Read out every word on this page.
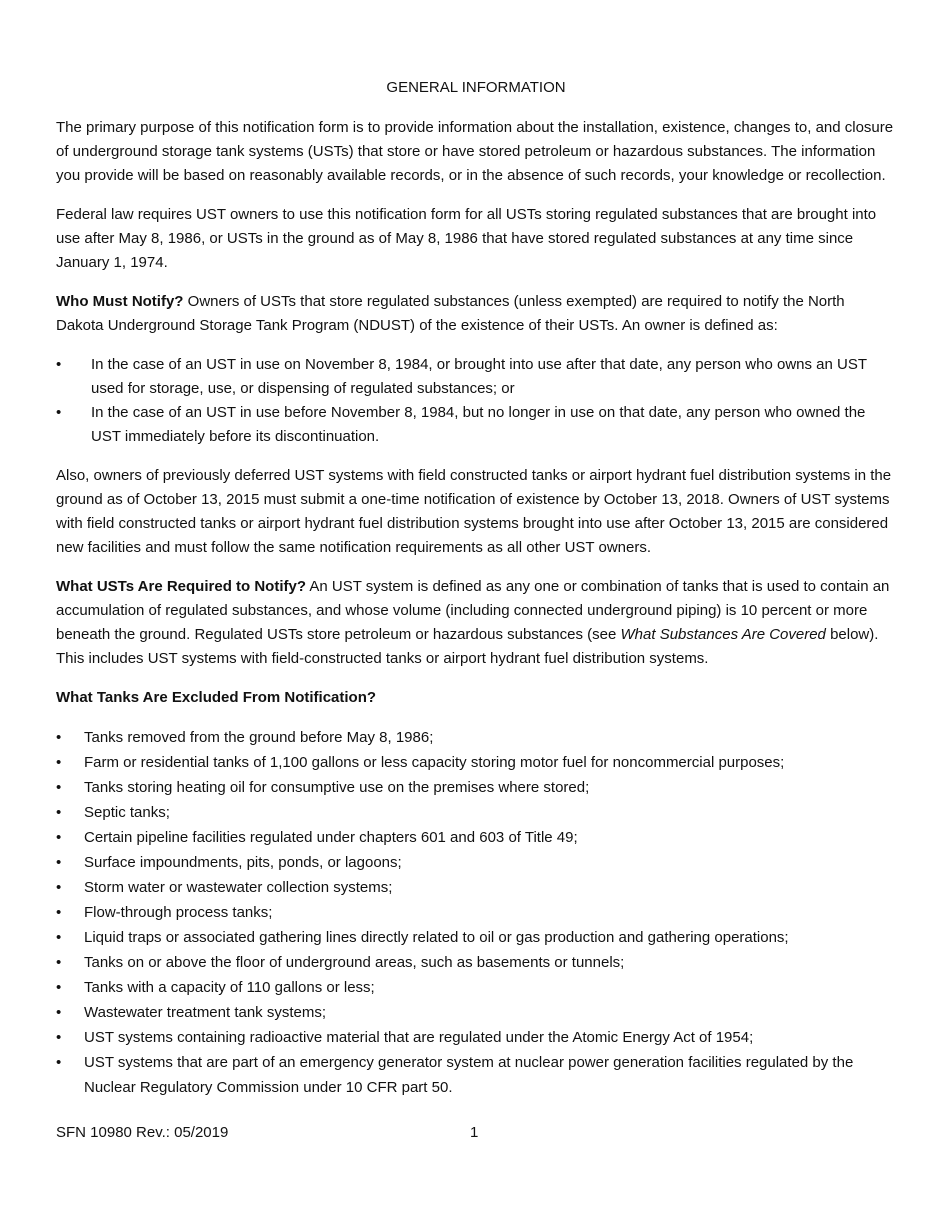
GENERAL INFORMATION

The primary purpose of this notification form is to provide information about the installation, existence, changes to, and closure of underground storage tank systems (USTs) that store or have stored petroleum or hazardous substances. The information you provide will be based on reasonably available records, or in the absence of such records, your knowledge or recollection.

Federal law requires UST owners to use this notification form for all USTs storing regulated substances that are brought into use after May 8, 1986, or USTs in the ground as of May 8, 1986 that have stored regulated substances at any time since January 1, 1974.

Who Must Notify? Owners of USTs that store regulated substances (unless exempted) are required to notify the North Dakota Underground Storage Tank Program (NDUST) of the existence of their USTs. An owner is defined as:

• In the case of an UST in use on November 8, 1984, or brought into use after that date, any person who owns an UST used for storage, use, or dispensing of regulated substances; or
• In the case of an UST in use before November 8, 1984, but no longer in use on that date, any person who owned the UST immediately before its discontinuation.

Also, owners of previously deferred UST systems with field constructed tanks or airport hydrant fuel distribution systems in the ground as of October 13, 2015 must submit a one-time notification of existence by October 13, 2018. Owners of UST systems with field constructed tanks or airport hydrant fuel distribution systems brought into use after October 13, 2015 are considered new facilities and must follow the same notification requirements as all other UST owners.

What USTs Are Required to Notify? An UST system is defined as any one or combination of tanks that is used to contain an accumulation of regulated substances, and whose volume (including connected underground piping) is 10 percent or more beneath the ground. Regulated USTs store petroleum or hazardous substances (see What Substances Are Covered below). This includes UST systems with field-constructed tanks or airport hydrant fuel distribution systems.

What Tanks Are Excluded From Notification?
• Tanks removed from the ground before May 8, 1986;
• Farm or residential tanks of 1,100 gallons or less capacity storing motor fuel for noncommercial purposes;
• Tanks storing heating oil for consumptive use on the premises where stored;
• Septic tanks;
• Certain pipeline facilities regulated under chapters 601 and 603 of Title 49;
• Surface impoundments, pits, ponds, or lagoons;
• Storm water or wastewater collection systems;
• Flow-through process tanks;
• Liquid traps or associated gathering lines directly related to oil or gas production and gathering operations;
• Tanks on or above the floor of underground areas, such as basements or tunnels;
• Tanks with a capacity of 110 gallons or less;
• Wastewater treatment tank systems;
• UST systems containing radioactive material that are regulated under the Atomic Energy Act of 1954;
• UST systems that are part of an emergency generator system at nuclear power generation facilities regulated by the Nuclear Regulatory Commission under 10 CFR part 50.
SFN 10980 Rev.: 05/2019	1
